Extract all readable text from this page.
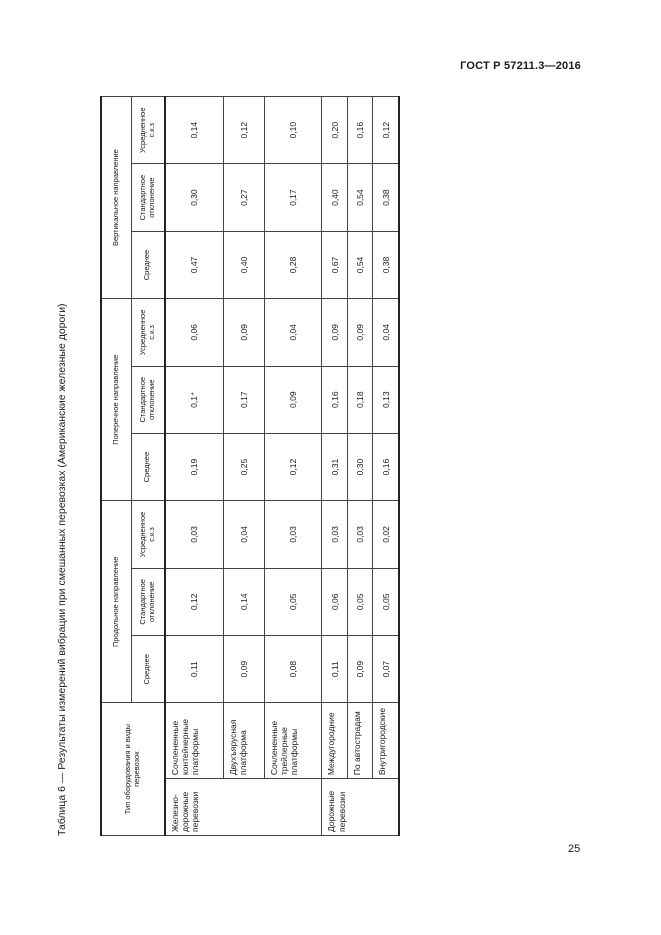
ГОСТ Р 57211.3—2016
Таблица 6 — Результаты измерений вибрации при смешанных перевозках (Американские железные дороги)	Тип оборудования и виды перевозок		Продольное направление			Поперечное направление			Вертикальное направление		
		Среднее	Стандартное отклонение	Усредненное с.к.з	Среднее	Стандартное отклонение	Усредненное с.к.з	Среднее	Стандартное отклонение	Усредненное с.к.з
Железно-дорожные перевозки	Сочлененные контейнерные платформы	0,11	0,12	0,03	0,19	0,1⁺	0,06	0,47	0,30	0,14
	Двухъярусная платформа	0,09	0,14	0,04	0,25	0,17	0,09	0,40	0,27	0,12
	Сочлененные трейлерные платформы	0,08	0,05	0,03	0,12	0,09	0,04	0,28	0,17	0,10
Дорожные перевозки	Междугородние	0,11	0,06	0,03	0,31	0,16	0,09	0,67	0,40	0,20
	По автострадам	0,09	0,05	0,03	0,30	0,18	0,09	0,54	0,54	0,16
	Внутригородские	0,07	0,05	0,02	0,16	0,13	0,04	0,38	0,38	0,12
25
